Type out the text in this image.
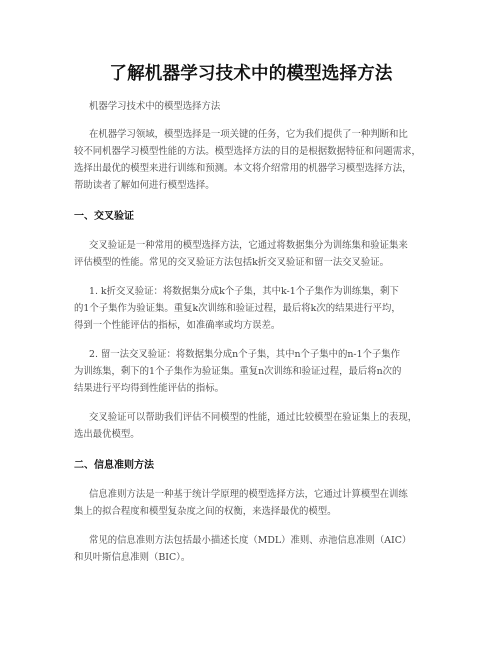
了解机器学习技术中的模型选择方法
机器学习技术中的模型选择方法
在机器学习领域，模型选择是一项关键的任务，它为我们提供了一种判断和比
较不同机器学习模型性能的方法。模型选择方法的目的是根据数据特征和问题需求，
选择出最优的模型来进行训练和预测。本文将介绍常用的机器学习模型选择方法，
帮助读者了解如何进行模型选择。
一、交叉验证
交叉验证是一种常用的模型选择方法，它通过将数据集分为训练集和验证集来
评估模型的性能。常见的交叉验证方法包括k折交叉验证和留一法交叉验证。
1. k折交叉验证：将数据集分成k个子集，其中k-1个子集作为训练集，剩下
的1个子集作为验证集。重复k次训练和验证过程，最后将k次的结果进行平均，
得到一个性能评估的指标，如准确率或均方误差。
2. 留一法交叉验证：将数据集分成n个子集，其中n个子集中的n-1个子集作
为训练集，剩下的1个子集作为验证集。重复n次训练和验证过程，最后将n次的
结果进行平均得到性能评估的指标。
交叉验证可以帮助我们评估不同模型的性能，通过比较模型在验证集上的表现，
选出最优模型。
二、信息准则方法
信息准则方法是一种基于统计学原理的模型选择方法，它通过计算模型在训练
集上的拟合程度和模型复杂度之间的权衡，来选择最优的模型。
常见的信息准则方法包括最小描述长度（MDL）准则、赤池信息准则（AIC）
和贝叶斯信息准则（BIC）。
